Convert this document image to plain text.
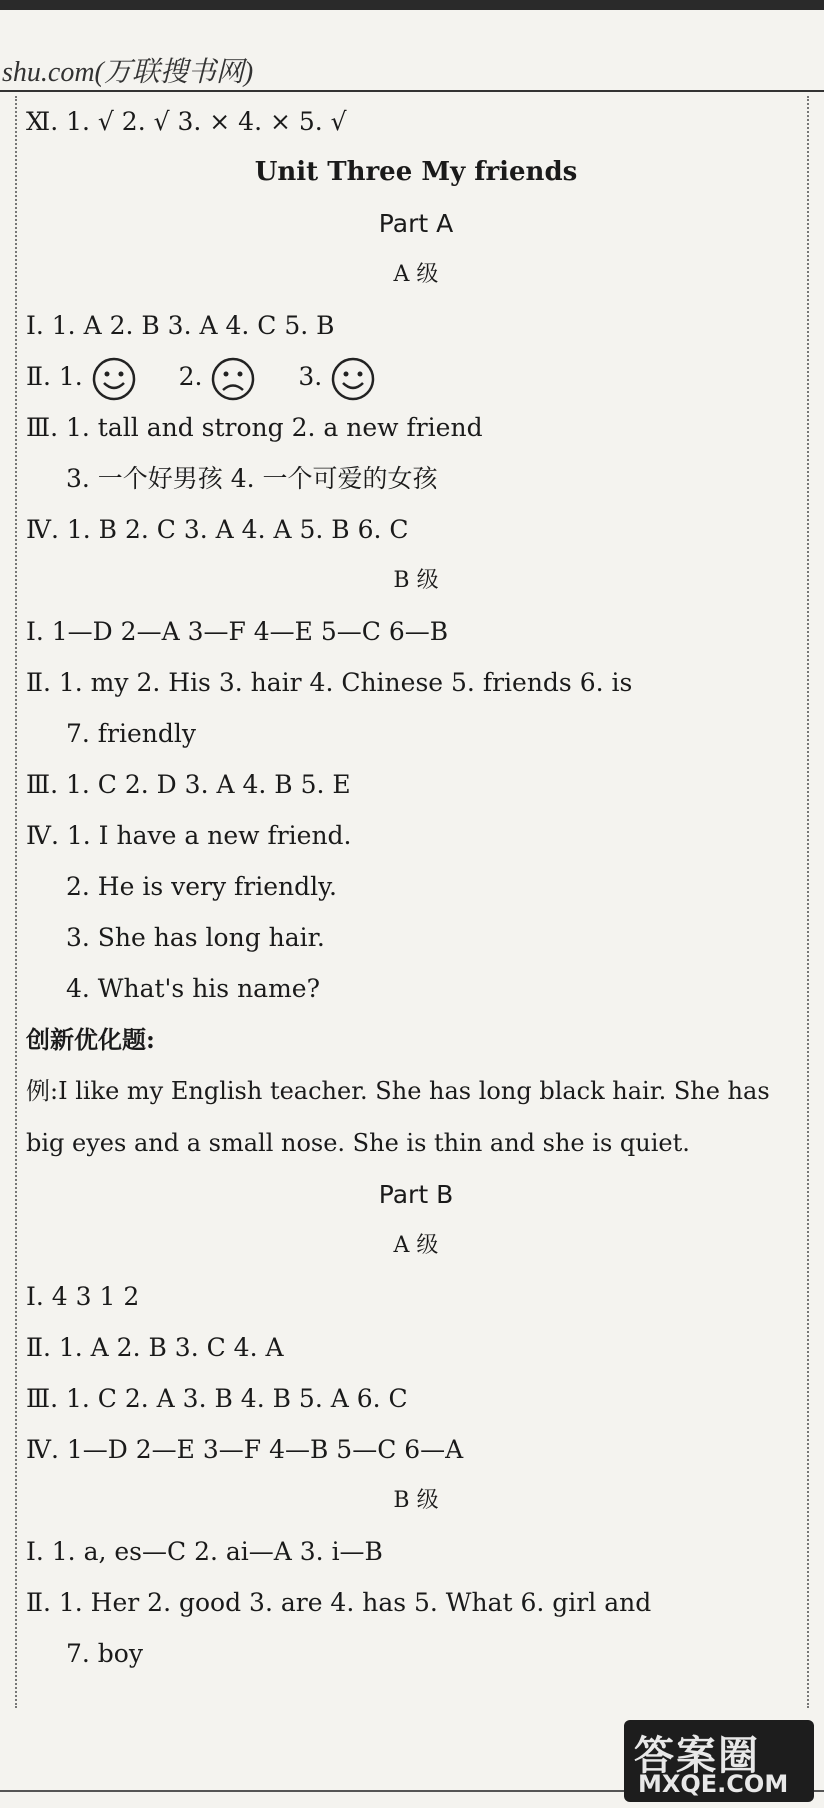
shu.com(万联搜书网)
Ⅺ. 1. √ 2. √ 3. × 4. × 5. √
Unit Three My friends
Part A
A 级
Ⅰ. 1. A 2. B 3. A 4. C 5. B
Ⅱ. 1.	2.	3.
Ⅲ. 1. tall and strong 2. a new friend
3. 一个好男孩 4. 一个可爱的女孩
Ⅳ. 1. B 2. C 3. A 4. A 5. B 6. C
B 级
Ⅰ. 1—D 2—A 3—F 4—E 5—C 6—B
Ⅱ. 1. my 2. His 3. hair 4. Chinese 5. friends 6. is
7. friendly
Ⅲ. 1. C 2. D 3. A 4. B 5. E
Ⅳ. 1. I have a new friend.
2. He is very friendly.
3. She has long hair.
4. What's his name?
创新优化题:
例:I like my English teacher. She has long black hair. She has big eyes and a small nose. She is thin and she is quiet.
Part B
A 级
Ⅰ. 4 3 1 2
Ⅱ. 1. A 2. B 3. C 4. A
Ⅲ. 1. C 2. A 3. B 4. B 5. A 6. C
Ⅳ. 1—D 2—E 3—F 4—B 5—C 6—A
B 级
Ⅰ. 1. a, es—C 2. ai—A 3. i—B
Ⅱ. 1. Her 2. good 3. are 4. has 5. What 6. girl and
7. boy
答案圈
MXQE.COM
